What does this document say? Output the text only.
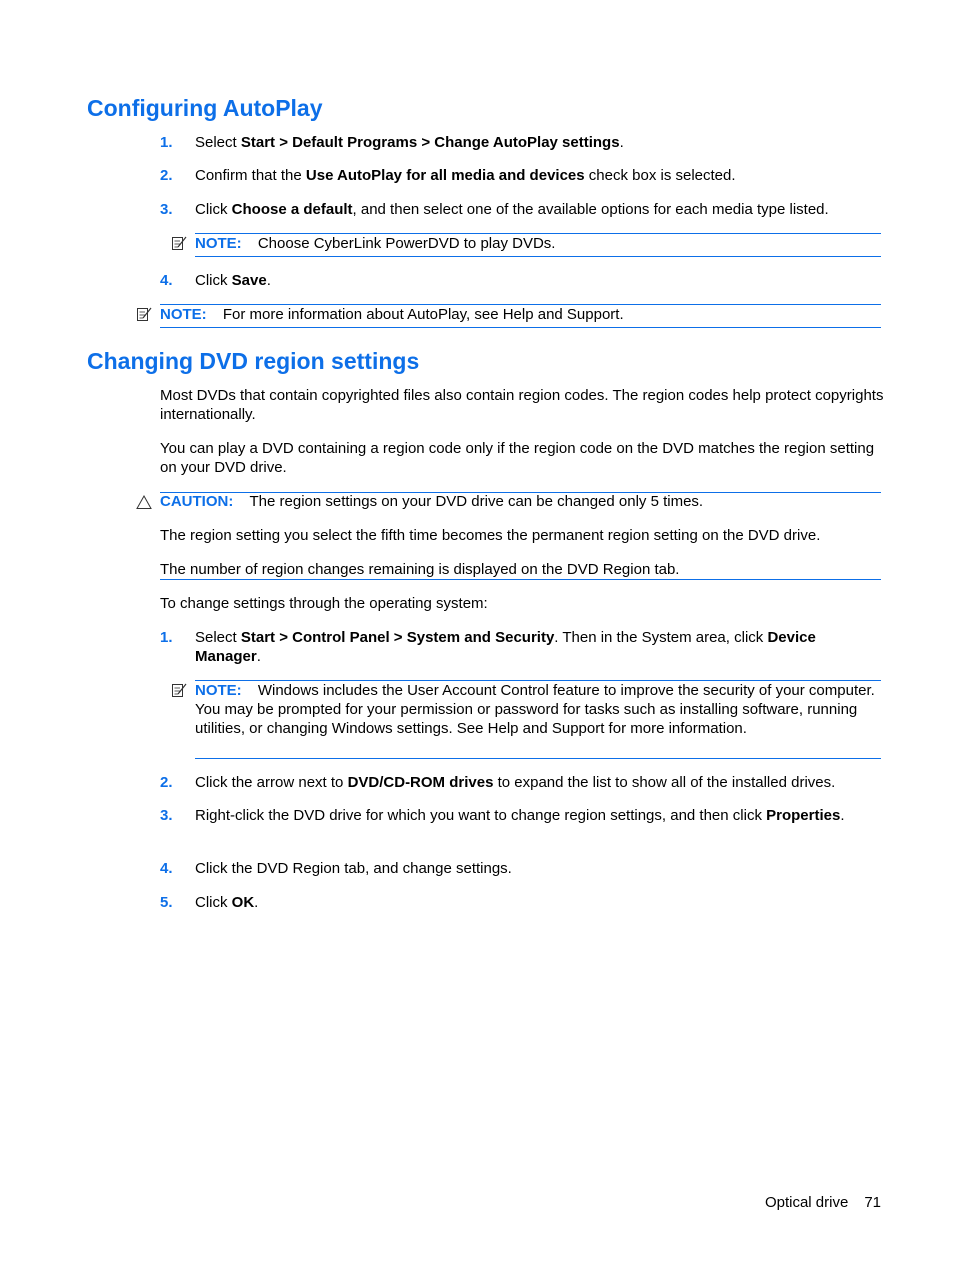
Configuring AutoPlay
1. Select Start > Default Programs > Change AutoPlay settings.
2. Confirm that the Use AutoPlay for all media and devices check box is selected.
3. Click Choose a default, and then select one of the available options for each media type listed.
NOTE: Choose CyberLink PowerDVD to play DVDs.
4. Click Save.
NOTE: For more information about AutoPlay, see Help and Support.
Changing DVD region settings
Most DVDs that contain copyrighted files also contain region codes. The region codes help protect copyrights internationally.
You can play a DVD containing a region code only if the region code on the DVD matches the region setting on your DVD drive.
CAUTION: The region settings on your DVD drive can be changed only 5 times.
The region setting you select the fifth time becomes the permanent region setting on the DVD drive.
The number of region changes remaining is displayed on the DVD Region tab.
To change settings through the operating system:
1. Select Start > Control Panel > System and Security. Then in the System area, click Device Manager.
NOTE: Windows includes the User Account Control feature to improve the security of your computer. You may be prompted for your permission or password for tasks such as installing software, running utilities, or changing Windows settings. See Help and Support for more information.
2. Click the arrow next to DVD/CD-ROM drives to expand the list to show all of the installed drives.
3. Right-click the DVD drive for which you want to change region settings, and then click Properties.
4. Click the DVD Region tab, and change settings.
5. Click OK.
Optical drive 71
